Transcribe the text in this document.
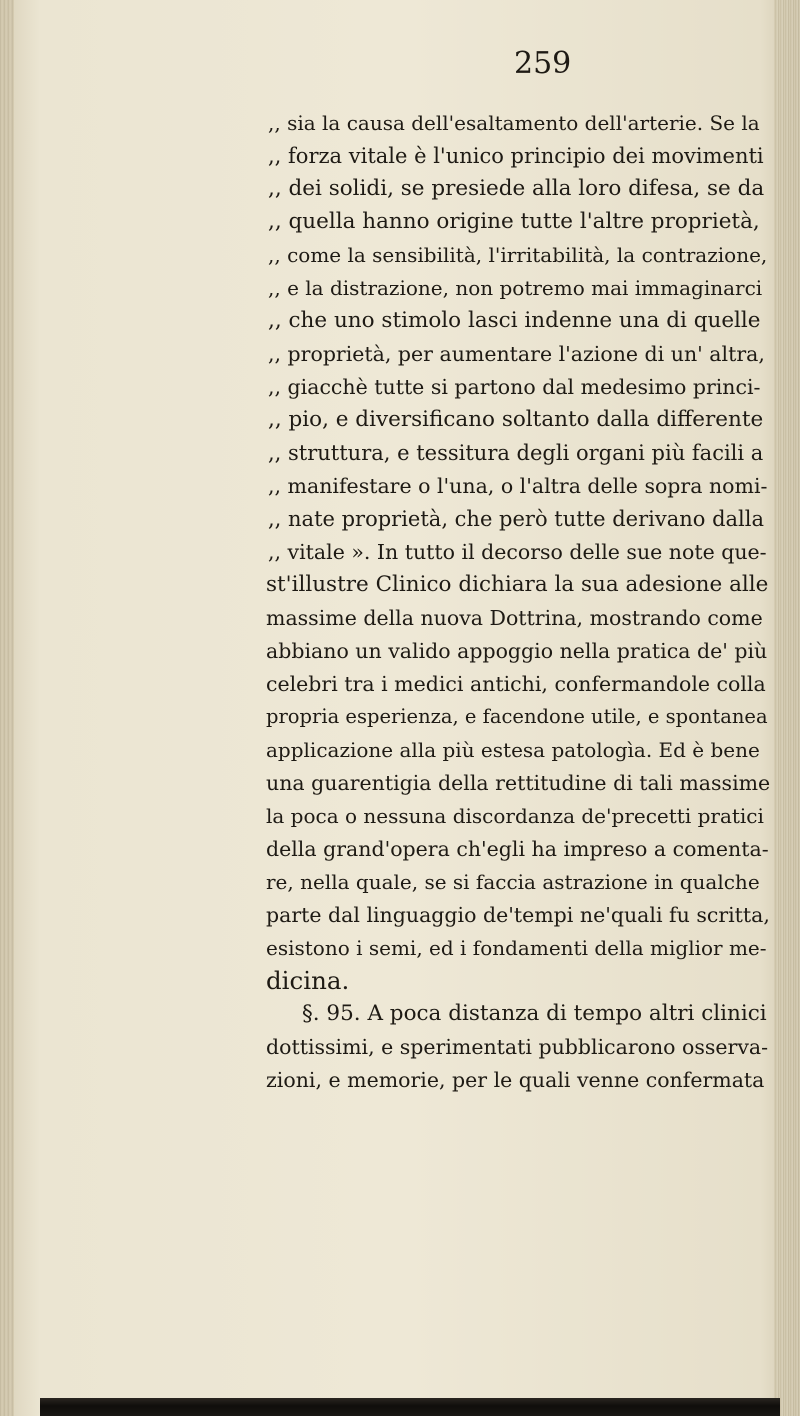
259
,, sia la causa dell'esaltamento dell'arterie. Se la
,, forza vitale è l'unico principio dei movimenti
,, dei solidi, se presiede alla loro difesa, se da
,, quella hanno origine tutte l'altre proprietà,
,, come la sensibilità, l'irritabilità, la contrazione,
,, e la distrazione, non potremo mai immaginarci
,, che uno stimolo lasci indenne una di quelle
,, proprietà, per aumentare l'azione di un' altra,
,, giacchè tutte si partono dal medesimo princi-
,, pio, e diversificano soltanto dalla differente
,, struttura, e tessitura degli organi più facili a
,, manifestare o l'una, o l'altra delle sopra nomi-
,, nate proprietà, che però tutte derivano dalla
,, vitale ». In tutto il decorso delle sue note que-
st'illustre Clinico dichiara la sua adesione alle
massime della nuova Dottrina, mostrando come
abbiano un valido appoggio nella pratica de' più
celebri tra i medici antichi, confermandole colla
propria esperienza, e facendone utile, e spontanea
applicazione alla più estesa patologìa. Ed è bene
una guarentigia della rettitudine di tali massime
la poca o nessuna discordanza de'precetti pratici
della grand'opera ch'egli ha impreso a comenta-
re, nella quale, se si faccia astrazione in qualche
parte dal linguaggio de'tempi ne'quali fu scritta,
esistono i semi, ed i fondamenti della miglior me-
dicina.
§. 95. A poca distanza di tempo altri clinici
dottissimi, e sperimentati pubblicarono osserva-
zioni, e memorie, per le quali venne confermata
